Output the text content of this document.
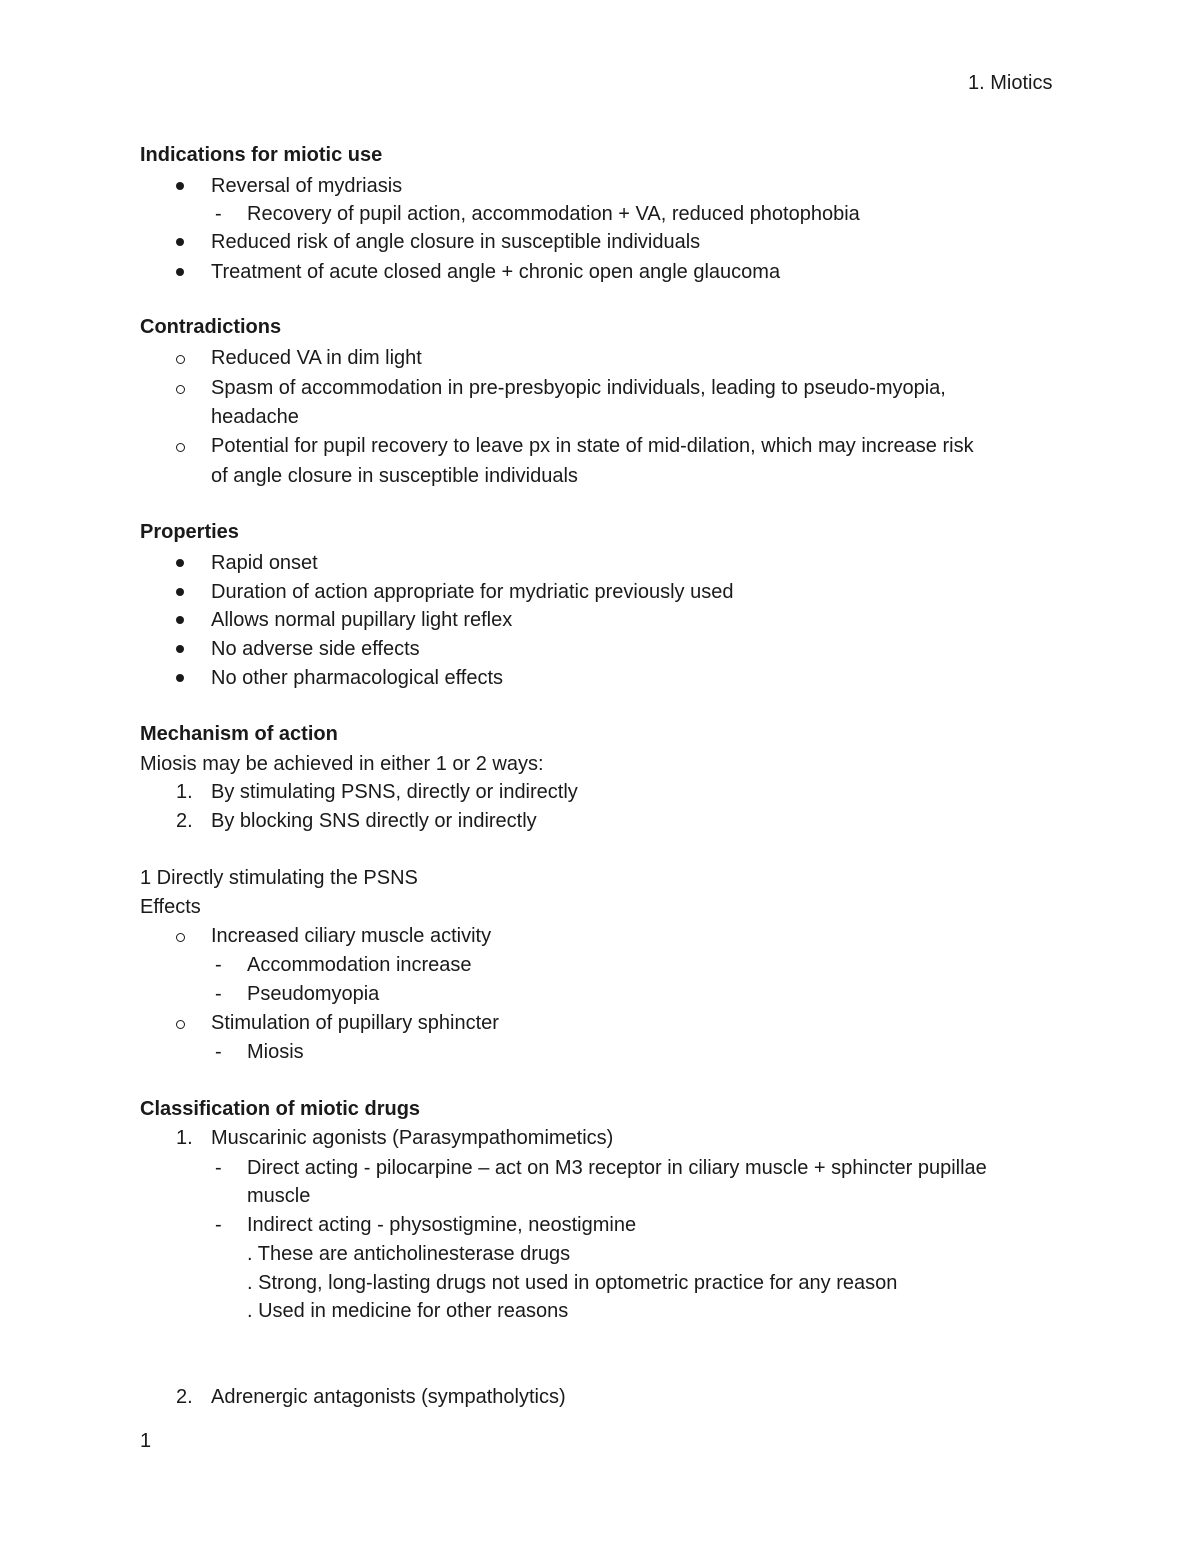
1. Miotics
Indications for miotic use
Reversal of mydriasis
- Recovery of pupil action, accommodation + VA, reduced photophobia
Reduced risk of angle closure in susceptible individuals
Treatment of acute closed angle + chronic open angle glaucoma
Contradictions
Reduced VA in dim light
Spasm of accommodation in pre-presbyopic individuals, leading to pseudo-myopia,
headache
Potential for pupil recovery to leave px in state of mid-dilation, which may increase risk
of angle closure in susceptible individuals
Properties
Rapid onset
Duration of action appropriate for mydriatic previously used
Allows normal pupillary light reflex
No adverse side effects
No other pharmacological effects
Mechanism of action
Miosis may be achieved in either 1 or 2 ways:
1. By stimulating PSNS, directly or indirectly
2. By blocking SNS directly or indirectly
1 Directly stimulating the PSNS
Effects
Increased ciliary muscle activity
- Accommodation increase
- Pseudomyopia
Stimulation of pupillary sphincter
- Miosis
Classification of miotic drugs
1. Muscarinic agonists (Parasympathomimetics)
- Direct acting - pilocarpine – act on M3 receptor in ciliary muscle + sphincter pupillae
muscle
- Indirect acting - physostigmine, neostigmine
. These are anticholinesterase drugs
. Strong, long-lasting drugs not used in optometric practice for any reason
. Used in medicine for other reasons
2. Adrenergic antagonists (sympatholytics)
1
